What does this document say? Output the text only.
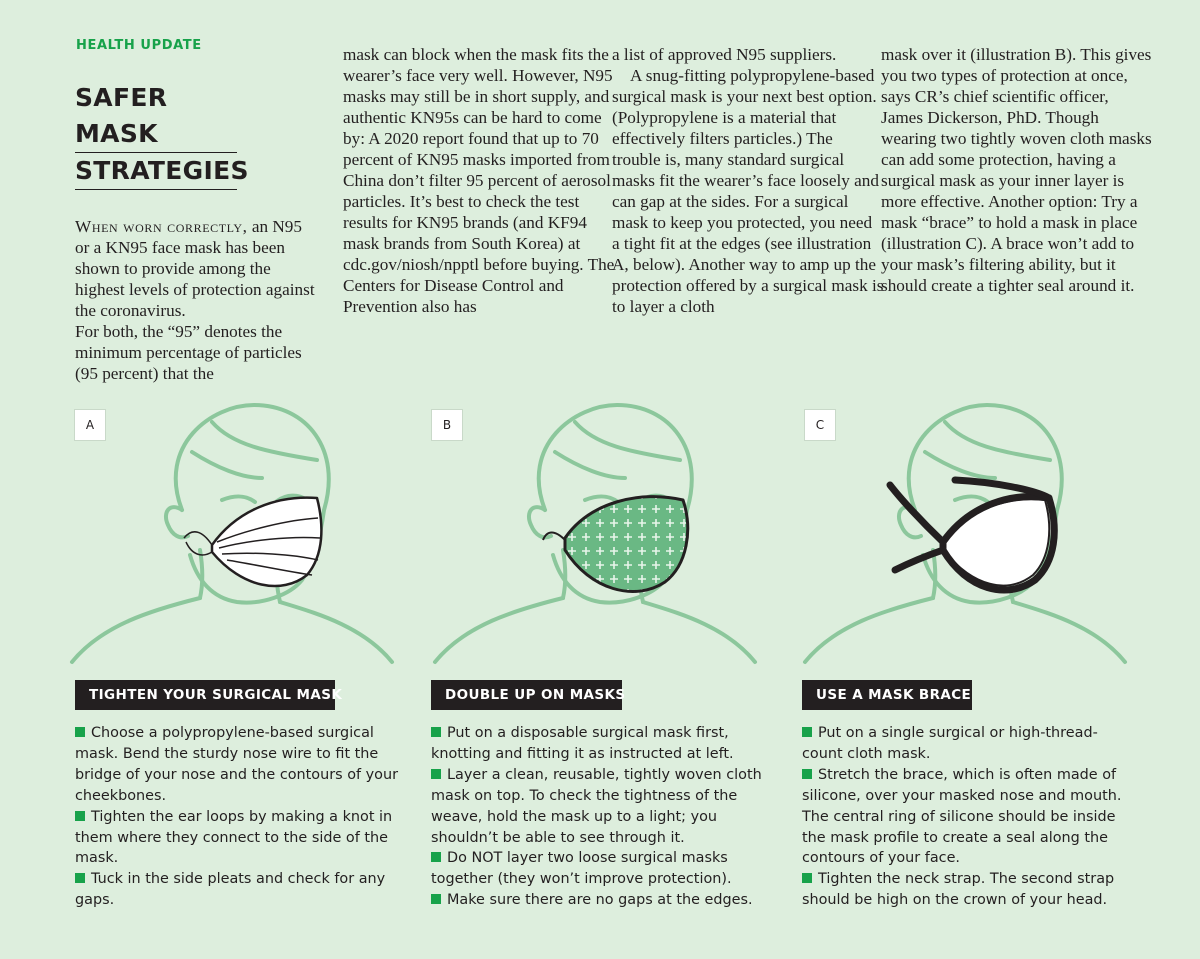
HEALTH UPDATE
SAFER MASK
STRATEGIES

When worn correctly, an N95 or a KN95 face mask has been shown to provide among the highest levels of protection against the coronavirus.

For both, the “95” denotes the minimum percentage of particles (95 percent) that the

mask can block when the mask fits the wearer’s face very well. However, N95 masks may still be in short supply, and authentic KN95s can be hard to come by: A 2020 report found that up to 70 percent of KN95 masks imported from China don’t filter 95 percent of aerosol particles. It’s best to check the test results for KN95 brands (and KF94 mask brands from South Korea) at cdc.gov/niosh/npptl before buying. The Centers for Disease Control and Prevention also has

a list of approved N95 suppliers.

A snug-fitting polypropylene-based surgical mask is your next best option. (Polypropylene is a material that effectively filters particles.) The trouble is, many standard surgical masks fit the wearer’s face loosely and can gap at the sides. For a surgical mask to keep you protected, you need a tight fit at the edges (see illustration A, below). Another way to amp up the protection offered by a surgical mask is to layer a cloth

mask over it (illustration B). This gives you two types of protection at once, says CR’s chief scientific officer, James Dickerson, PhD. Though wearing two tightly woven cloth masks can add some protection, having a surgical mask as your inner layer is more effective. Another option: Try a mask “brace” to hold a mask in place (illustration C). A brace won’t add to your mask’s filtering ability, but it should create a tighter seal around it.

A	B	C
TIGHTEN YOUR SURGICAL MASK	DOUBLE UP ON MASKS	USE A MASK BRACE
Choose a polypropylene-based surgical mask. Bend the sturdy nose wire to fit the bridge of your nose and the contours of your cheekbones.
Tighten the ear loops by making a knot in them where they connect to the side of the mask.
Tuck in the side pleats and check for any gaps.
Put on a disposable surgical mask first, knotting and fitting it as instructed at left.
Layer a clean, reusable, tightly woven cloth mask on top. To check the tightness of the weave, hold the mask up to a light; you shouldn’t be able to see through it.
Do NOT layer two loose surgical masks together (they won’t improve protection).
Make sure there are no gaps at the edges.
Put on a single surgical or high-thread-count cloth mask.
Stretch the brace, which is often made of silicone, over your masked nose and mouth. The central ring of silicone should be inside the mask profile to create a seal along the contours of your face.
Tighten the neck strap. The second strap should be high on the crown of your head.
